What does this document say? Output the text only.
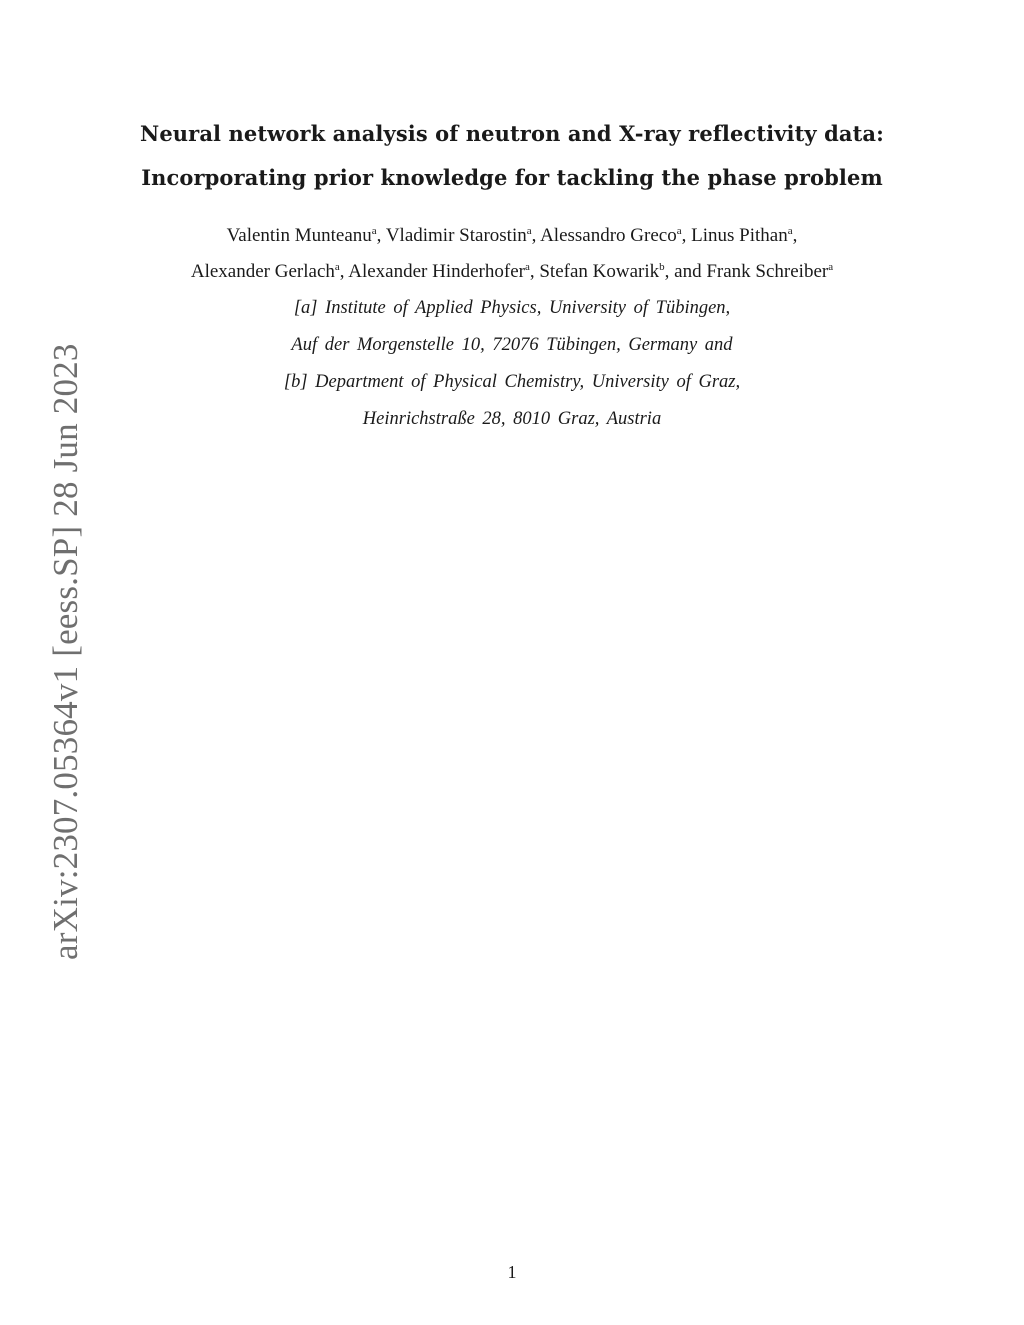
arXiv:2307.05364v1 [eess.SP] 28 Jun 2023

Neural network analysis of neutron and X-ray reflectivity data:

Incorporating prior knowledge for tackling the phase problem

Valentin Munteanu$^a$, Vladimir Starostin$^a$, Alessandro Greco$^a$, Linus Pithan$^a$,
Alexander Gerlach$^a$, Alexander Hinderhofer$^a$, Stefan Kowarik$^b$, and Frank Schreiber$^a$
[a] Institute of Applied Physics, University of Tübingen,
Auf der Morgenstelle 10, 72076 Tübingen, Germany and
[b] Department of Physical Chemistry, University of Graz,
Heinrichstraße 28, 8010 Graz, Austria
1
